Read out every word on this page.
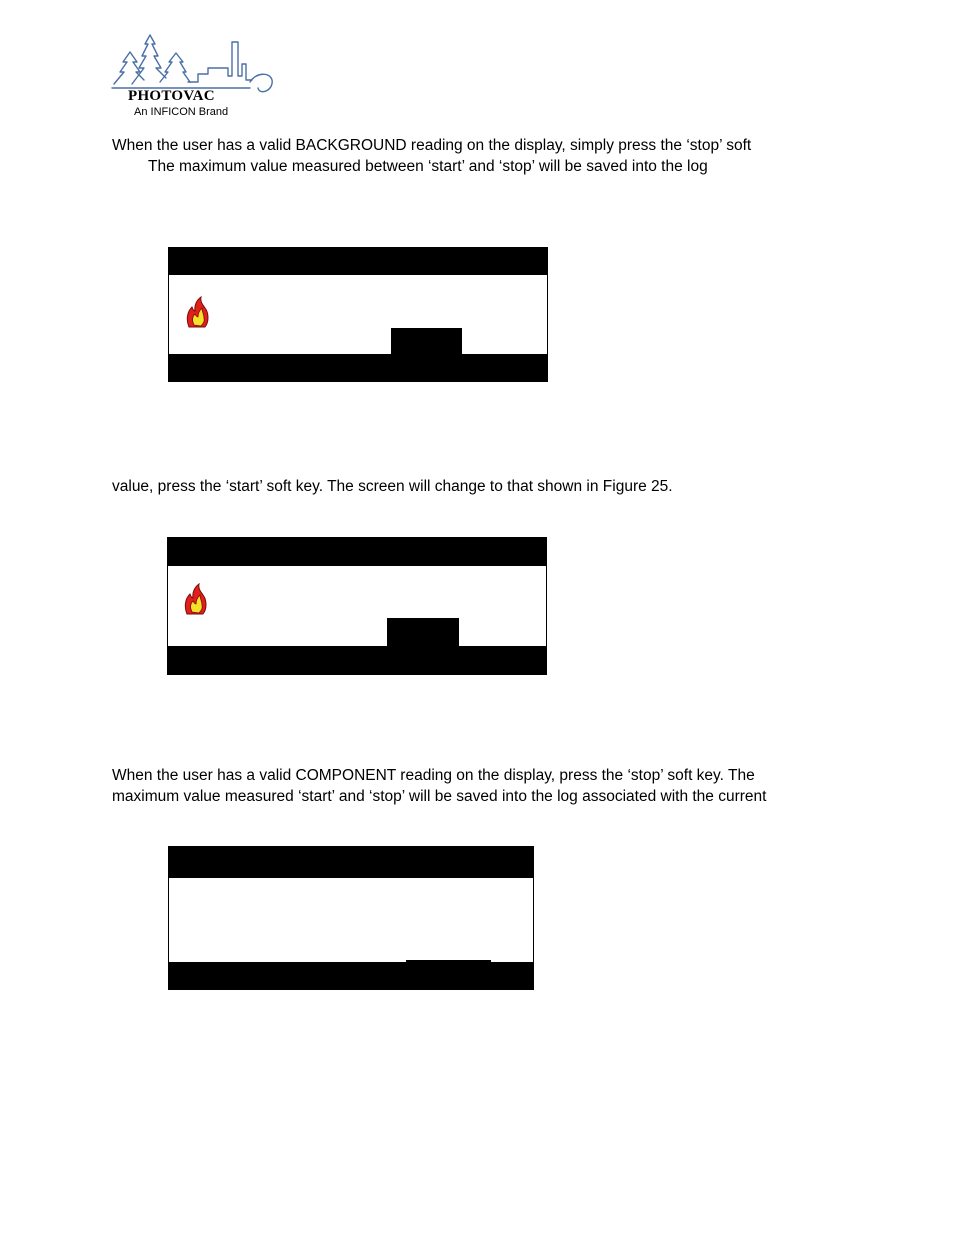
PHOTOVAC
An INFICON Brand
When the user has a valid BACKGROUND reading on the display, simply press the ‘stop’ soft
The maximum value measured between ‘start’ and ‘stop’ will be saved into the log
value, press the ‘start’ soft key. The screen will change to that shown in Figure 25.
When the user has a valid COMPONENT reading on the display, press the ‘stop’ soft key. The
maximum value measured ‘start’ and ‘stop’ will be saved into the log associated with the current
